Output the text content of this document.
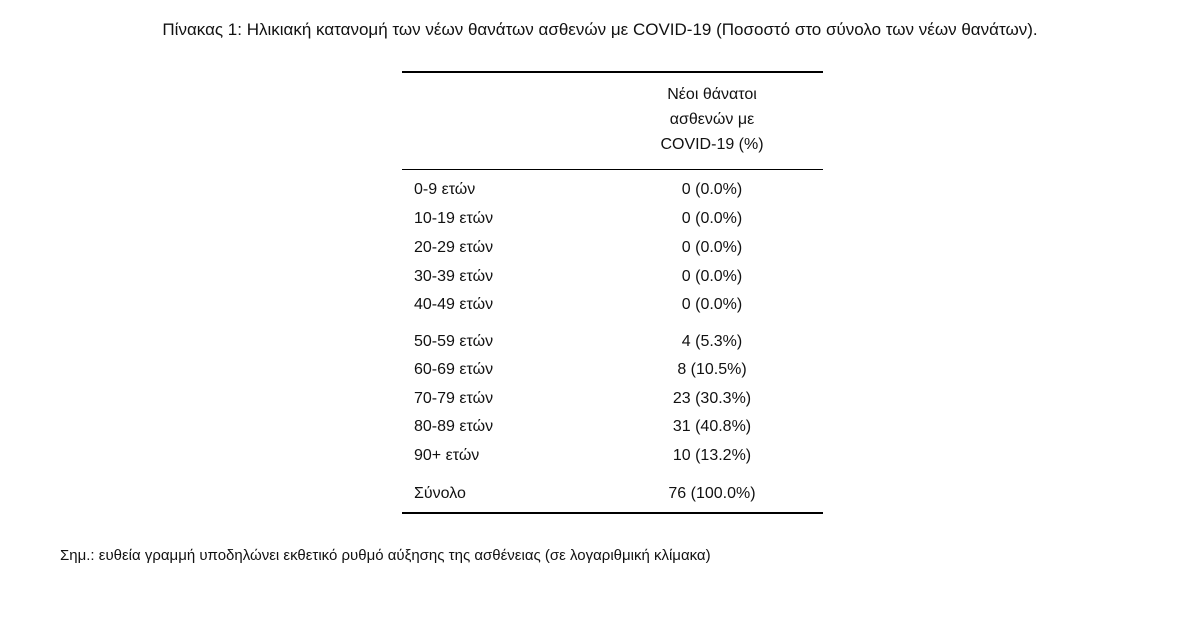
Πίνακας 1: Ηλικιακή κατανομή των νέων θανάτων ασθενών με COVID-19 (Ποσοστό στο σύνολο των νέων θανάτων).
Νέοι θάνατοι
ασθενών με
COVID-19 (%)
0-9 ετών	0 (0.0%)
10-19 ετών	0 (0.0%)
20-29 ετών	0 (0.0%)
30-39 ετών	0 (0.0%)
40-49 ετών	0 (0.0%)
50-59 ετών	4 (5.3%)
60-69 ετών	8 (10.5%)
70-79 ετών	23 (30.3%)
80-89 ετών	31 (40.8%)
90+ ετών	10 (13.2%)
Σύνολο	76 (100.0%)
Σημ.: ευθεία γραμμή υποδηλώνει εκθετικό ρυθμό αύξησης της ασθένειας (σε λογαριθμική κλίμακα)
